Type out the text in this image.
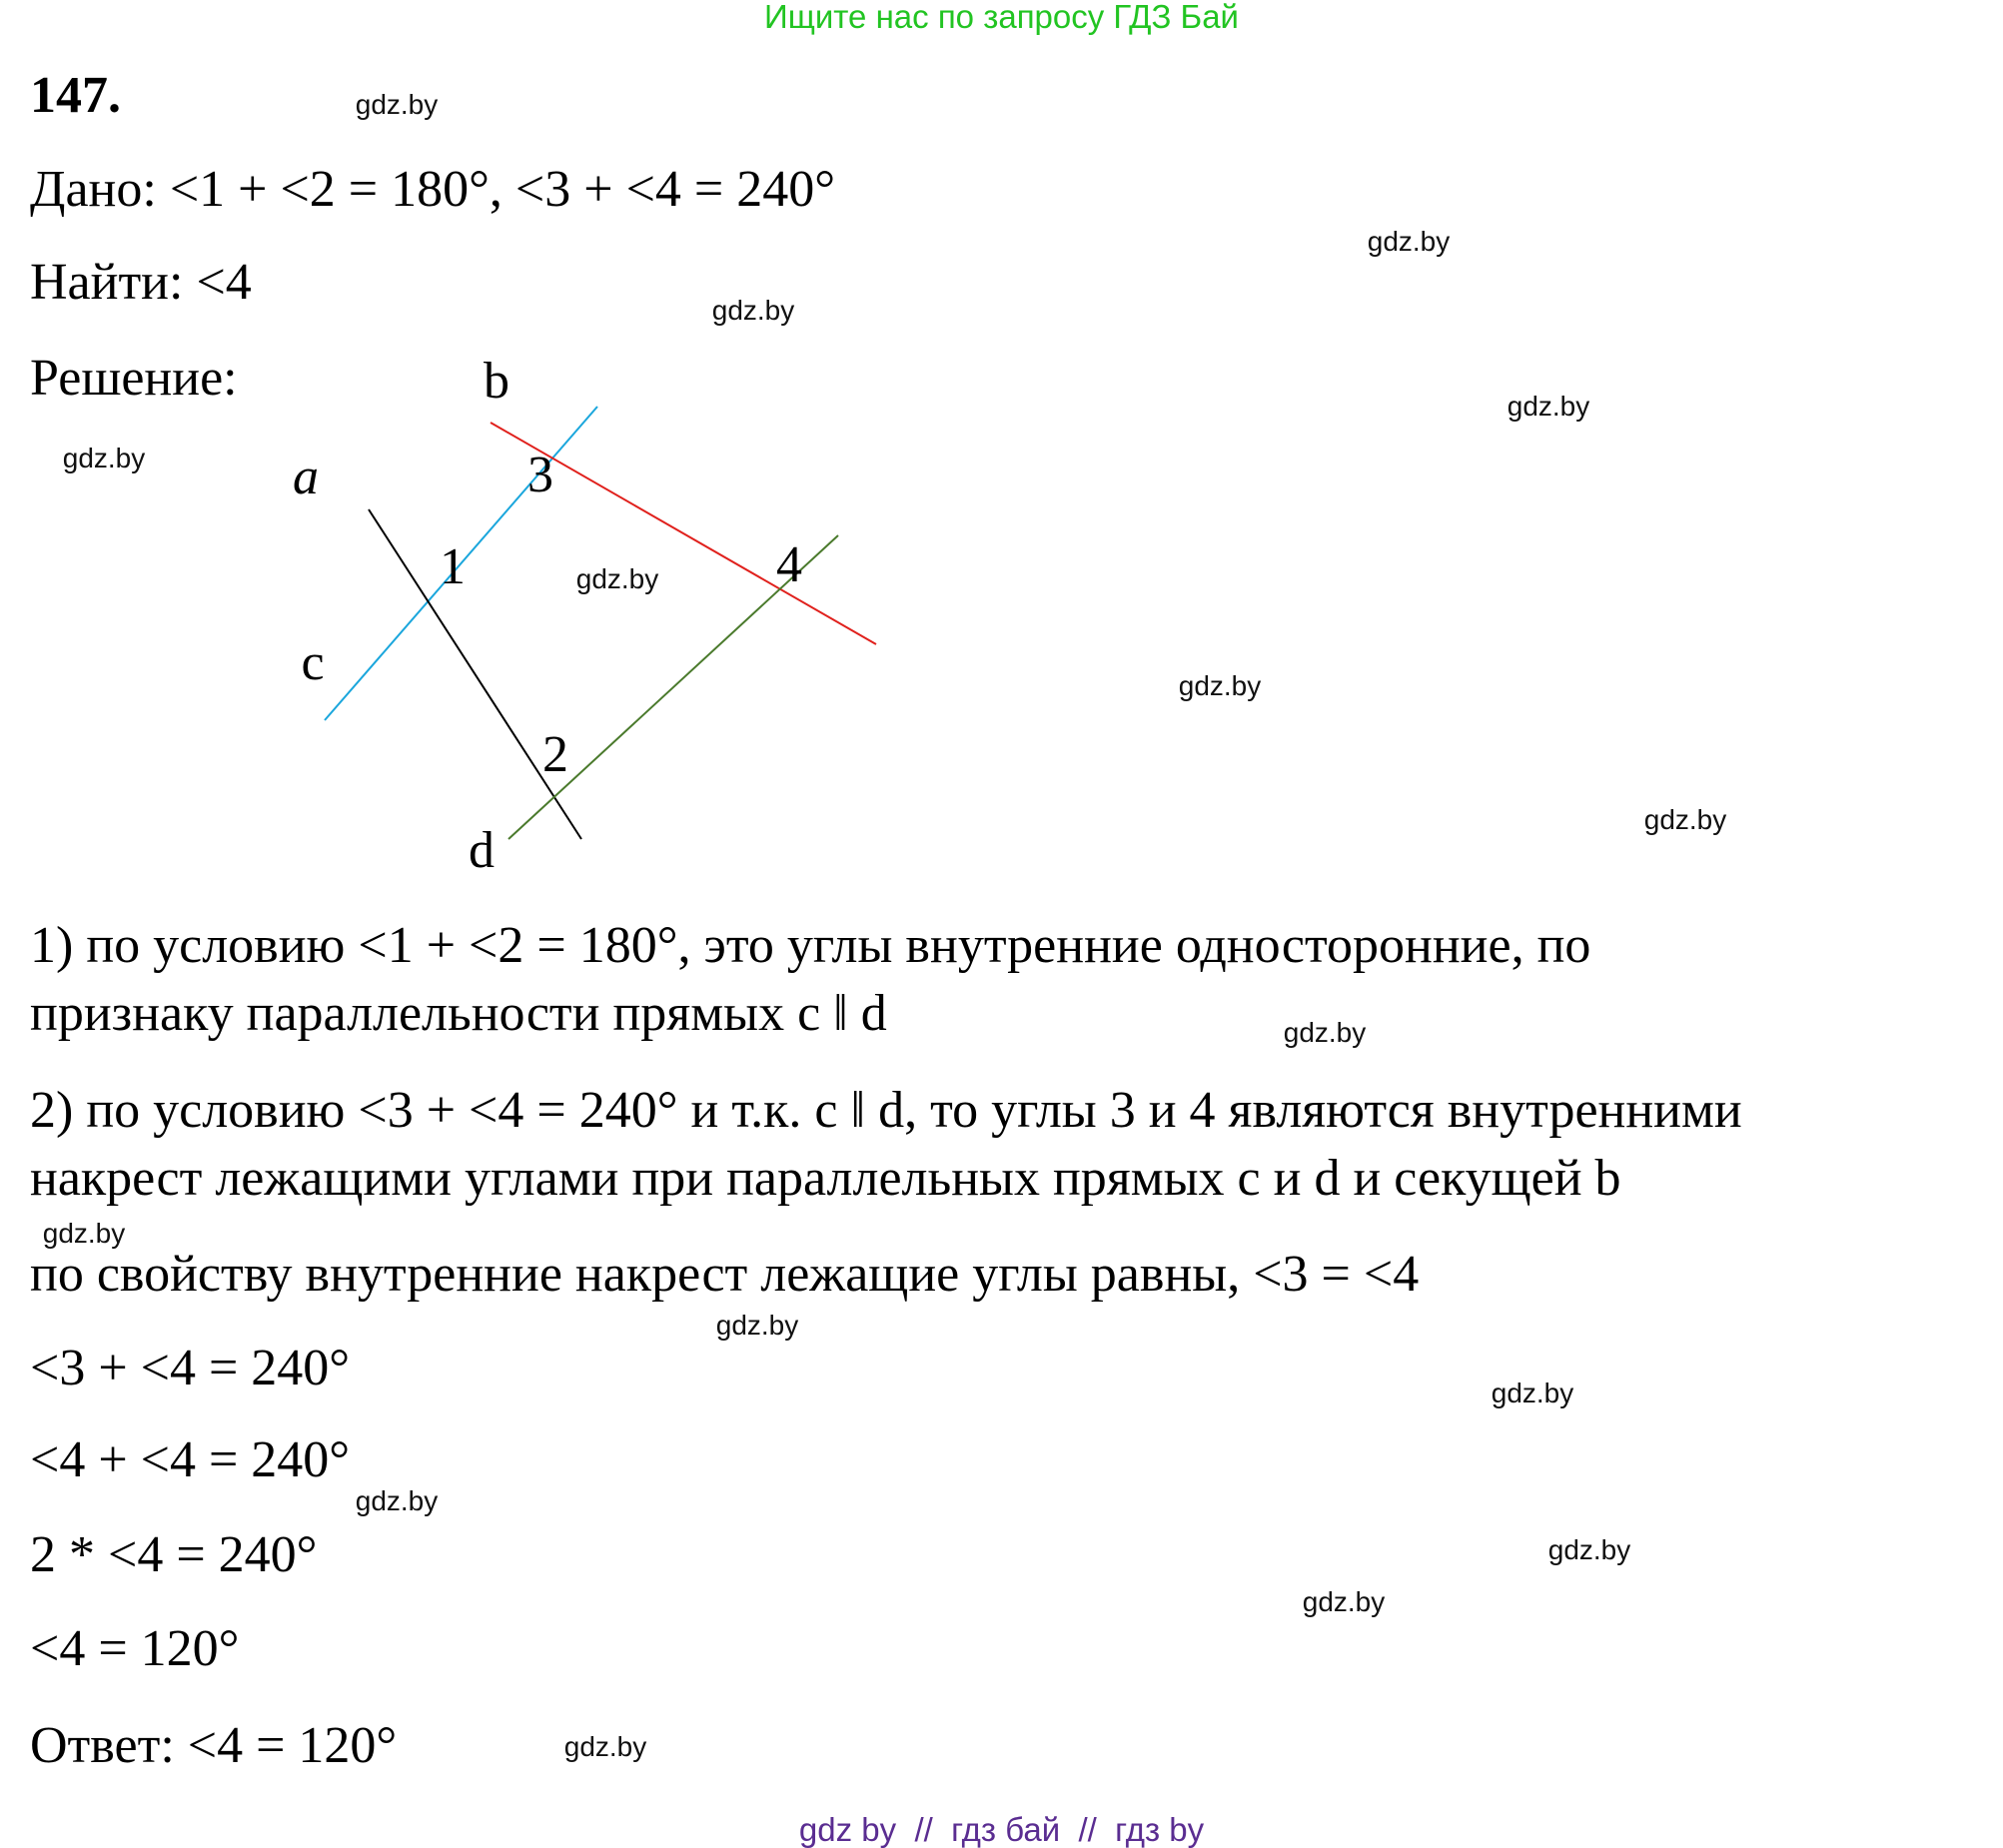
Ищите нас по запросу ГДЗ Бай
147.
Дано: <1 + <2 = 180°, <3 + <4 = 240°
Найти: <4
Решение:	b
a	3
1	4
c
2
d
1) по условию <1 + <2 = 180°, это углы внутренние односторонние, по
признаку параллельности прямых c ‖ d
2) по условию <3 + <4 = 240° и т.к. c ‖ d, то углы 3 и 4 являются внутренними
накрест лежащими углами при параллельных прямых c и d и секущей b
по свойству внутренние накрест лежащие углы равны, <3 = <4
<3 + <4 = 240°
<4 + <4 = 240°
2 * <4 = 240°
<4 = 120°
Ответ: <4 = 120°
gdz.by
gdz.by
gdz.by
gdz.by
gdz.by
gdz.by
gdz.by
gdz.by
gdz.by
gdz.by
gdz.by
gdz.by
gdz.by
gdz.by
gdz.by
gdz.by
gdz by  //  гдз бай  //  гдз by
